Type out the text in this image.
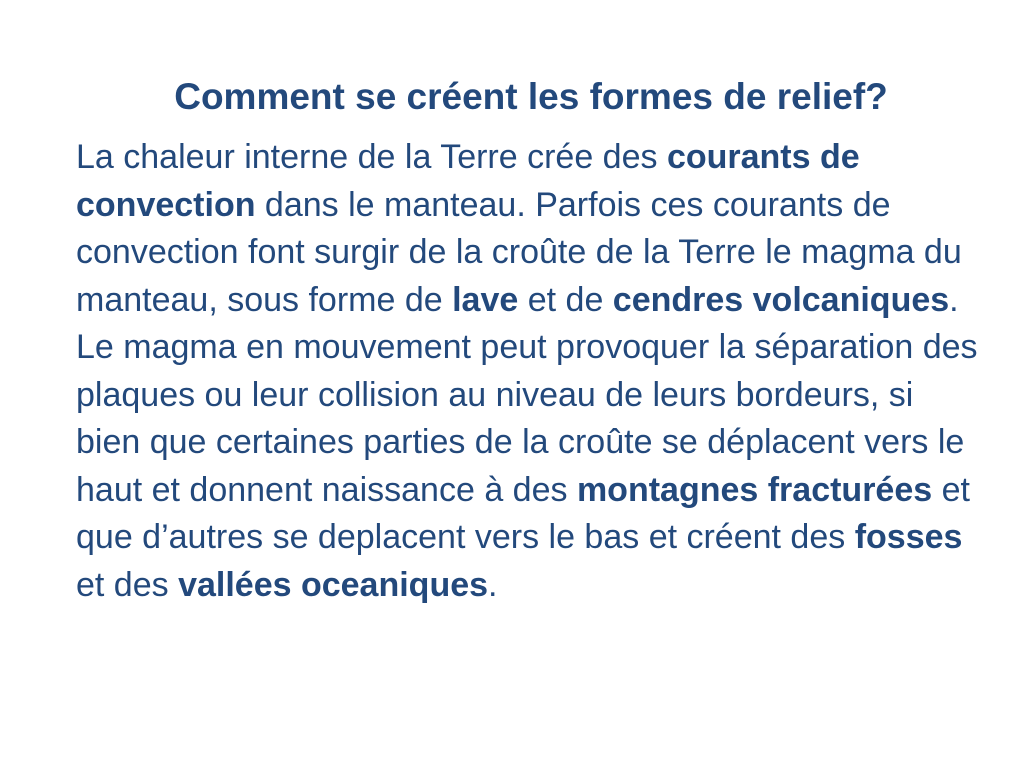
Comment se créent les formes de relief?

La chaleur interne de la Terre crée des courants de convection dans le manteau. Parfois ces courants de convection font surgir de la croûte de la Terre le magma du manteau, sous forme de lave et de cendres volcaniques. Le magma en mouvement peut provoquer la séparation des plaques ou leur collision au niveau de leurs bordeurs, si bien que certaines parties de la croûte se déplacent vers le haut et donnent naissance à des montagnes fracturées et que d’autres se deplacent vers le bas et créent des fosses et des vallées oceaniques.
